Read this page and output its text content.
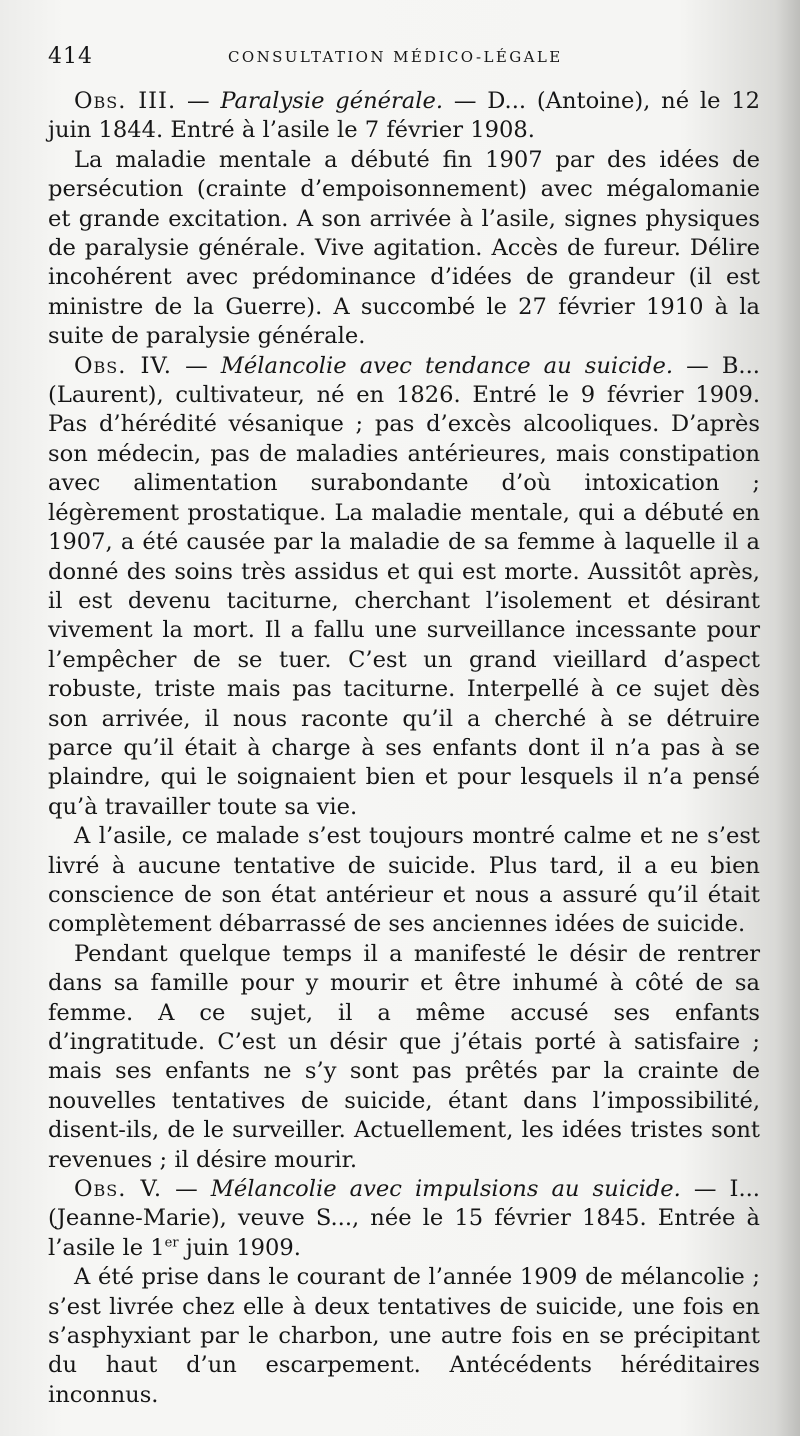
414	CONSULTATION MÉDICO-LÉGALE

Obs. III. — Paralysie générale. — D... (Antoine), né le 12 juin 1844. Entré à l’asile le 7 février 1908.

La maladie mentale a débuté fin 1907 par des idées de persécution (crainte d’empoisonnement) avec mégalomanie et grande excitation. A son arrivée à l’asile, signes physiques de paralysie générale. Vive agitation. Accès de fureur. Délire incohérent avec prédominance d’idées de grandeur (il est ministre de la Guerre). A succombé le 27 février 1910 à la suite de paralysie générale.

Obs. IV. — Mélancolie avec tendance au suicide. — B... (Laurent), cultivateur, né en 1826. Entré le 9 février 1909. Pas d’hérédité vésanique ; pas d’excès alcooliques. D’après son médecin, pas de maladies antérieures, mais constipation avec alimentation surabondante d’où intoxication ; légèrement prostatique. La maladie mentale, qui a débuté en 1907, a été causée par la maladie de sa femme à laquelle il a donné des soins très assidus et qui est morte. Aussitôt après, il est devenu taciturne, cherchant l’isolement et désirant vivement la mort. Il a fallu une surveillance incessante pour l’empêcher de se tuer. C’est un grand vieillard d’aspect robuste, triste mais pas taciturne. Interpellé à ce sujet dès son arrivée, il nous raconte qu’il a cherché à se détruire parce qu’il était à charge à ses enfants dont il n’a pas à se plaindre, qui le soignaient bien et pour lesquels il n’a pensé qu’à travailler toute sa vie.

A l’asile, ce malade s’est toujours montré calme et ne s’est livré à aucune tentative de suicide. Plus tard, il a eu bien conscience de son état antérieur et nous a assuré qu’il était complètement débarrassé de ses anciennes idées de suicide.

Pendant quelque temps il a manifesté le désir de rentrer dans sa famille pour y mourir et être inhumé à côté de sa femme. A ce sujet, il a même accusé ses enfants d’ingratitude. C’est un désir que j’étais porté à satisfaire ; mais ses enfants ne s’y sont pas prêtés par la crainte de nouvelles tentatives de suicide, étant dans l’impossibilité, disent-ils, de le surveiller. Actuellement, les idées tristes sont revenues ; il désire mourir.

Obs. V. — Mélancolie avec impulsions au suicide. — I... (Jeanne-Marie), veuve S..., née le 15 février 1845. Entrée à l’asile le 1er juin 1909.

A été prise dans le courant de l’année 1909 de mélancolie ; s’est livrée chez elle à deux tentatives de suicide, une fois en s’asphyxiant par le charbon, une autre fois en se précipitant du haut d’un escarpement. Antécédents héréditaires inconnus.
